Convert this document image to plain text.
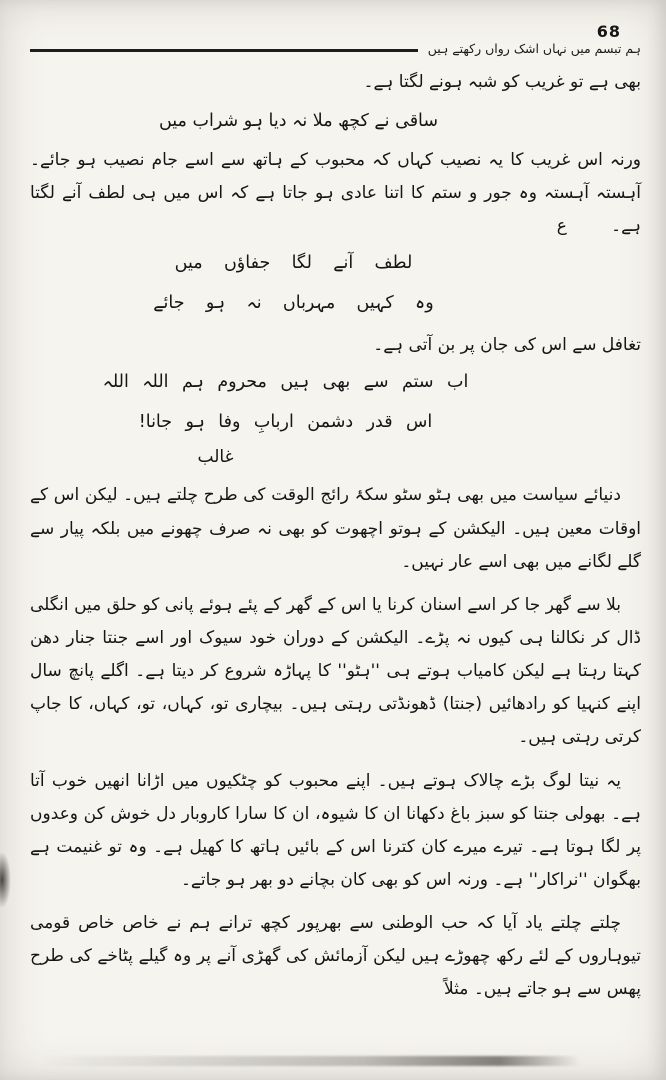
68
ہم تبسم میں نہاں اشک رواں رکھتے ہیں

بھی ہے تو غریب کو شبہ ہونے لگتا ہے۔

ساقی نے کچھ ملا نہ دیا ہو شراب میں

ورنہ اس غریب کا یہ نصیب کہاں کہ محبوب کے ہاتھ سے اسے جام نصیب ہو جائے۔ آہستہ آہستہ وہ جور و ستم کا اتنا عادی ہو جاتا ہے کہ اس میں ہی لطف آنے لگتا ہے۔ع

لطف آنے لگا جفاؤں میں

وہ کہیں مہرباں نہ ہو جائے

تغافل سے اس کی جان پر بن آتی ہے۔

اب ستم سے بھی ہیں محروم ہم اللہ اللہ

اس قدر دشمن اربابِ وفا ہو جانا!

غالب

دنیائے سیاست میں بھی ہٹو سٹو سکۂ رائج الوقت کی طرح چلتے ہیں۔ لیکن اس کے اوقات معین ہیں۔ الیکشن کے ہوتو اچھوت کو بھی نہ صرف چھونے میں بلکہ پیار سے گلے لگانے میں بھی اسے عار نہیں۔

بلا سے گھر جا کر اسے اسنان کرنا یا اس کے گھر کے پئے ہوئے پانی کو حلق میں انگلی ڈال کر نکالنا ہی کیوں نہ پڑے۔ الیکشن کے دوران خود سیوک اور اسے جنتا جنار دھن کہتا رہتا ہے لیکن کامیاب ہوتے ہی ''ہٹو'' کا پہاڑہ شروع کر دیتا ہے۔ اگلے پانچ سال اپنے کنہیا کو رادھائیں (جنتا) ڈھونڈتی رہتی ہیں۔ بیچاری تو، کہاں، تو، کہاں، کا جاپ کرتی رہتی ہیں۔

یہ نیتا لوگ بڑے چالاک ہوتے ہیں۔ اپنے محبوب کو چٹکیوں میں اڑانا انھیں خوب آتا ہے۔ بھولی جنتا کو سبز باغ دکھانا ان کا شیوہ، ان کا سارا کاروبار دل خوش کن وعدوں پر لگا ہوتا ہے۔ تیرے میرے کان کترنا اس کے بائیں ہاتھ کا کھیل ہے۔ وہ تو غنیمت ہے بھگوان ''نراکار'' ہے۔ ورنہ اس کو بھی کان بچانے دو بھر ہو جاتے۔

چلتے چلتے یاد آیا کہ حب الوطنی سے بھرپور کچھ ترانے ہم نے خاص خاص قومی تیوہاروں کے لئے رکھ چھوڑے ہیں لیکن آزمائش کی گھڑی آنے پر وہ گیلے پٹاخے کی طرح پھس سے ہو جاتے ہیں۔ مثلاً
